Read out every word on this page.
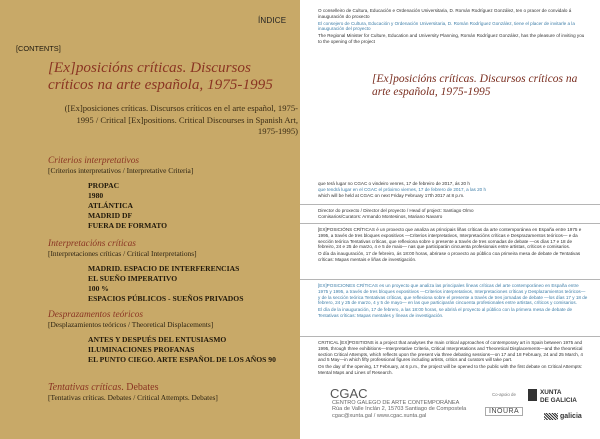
ÍNDICE
[CONTENTS]
[Ex]posicións críticas. Discursos críticos na arte española, 1975-1995
([Ex]posiciones críticas. Discursos críticos en el arte español, 1975-1995 / Critical [Ex]positions. Critical Discourses in Spanish Art, 1975-1995)
Criterios interpretativos
[Criterios interpretativos / Interpretative Criteria]
PROPAC
1980
ATLÁNTICA
MADRID DF
FUERA DE FORMATO
Interpretacións críticas
[Interpretaciones críticas / Critical Interpretations]
MADRID. ESPACIO DE INTERFERENCIAS
EL SUEÑO IMPERATIVO
100 %
ESPACIOS PÚBLICOS - SUEÑOS PRIVADOS
Desprazamentos teóricos
[Desplazamientos teóricos / Theoretical Displacements]
ANTES Y DESPUÉS DEL ENTUSIASMO
ILUMINACIONES PROFANAS
EL PUNTO CIEGO. ARTE ESPAÑOL DE LOS AÑOS 90
Tentativas críticas. Debates
[Tentativas críticas. Debates / Critical Attempts. Debates]
O conselleiro de Cultura, Educación e Ordenación Universitaria, D. Román Rodríguez González, ten o pracer de convidalo á inauguración do proxecto
El consejero de Cultura, Educación y Ordenación Universitaria, D. Román Rodríguez González, tiene el placer de invitarle a la inauguración del proyecto
The Regional Minister for Culture, Education and University Planning, Román Rodríguez González, has the pleasure of inviting you to the opening of the project
[Ex]posicións críticas. Discursos críticos na arte española, 1975-1995
que terá lugar no CGAC o vindeiro venres, 17 de febreiro de 2017, ás 20 h
que tendrá lugar en el CGAC el próximo viernes, 17 de febrero de 2017, a las 20 h
which will be held at CGAC on next Friday February 17th 2017 at 8 p.m.
Director do proxecto / Director del proyecto / Head of project: Santiago Olmo
Comisarios/Curators: Armando Montesinos, Mariano Navarro
[EX]POSICIÓNS CRÍTICAS é un proxecto que analiza as principais liñas críticas da arte contemporánea en España entre 1975 e 1995, a través de tres bloques expositivos —Criterios interpretativos, Interpretacións críticas e Desprazamentos teóricos— e da sección teórica Tentativas críticas, que reflexiona sobre o presente a través de tres xornadas de debate —os días 17 e 18 de febreiro, 24 e 25 de marzo, 4 e 5 de maio— nas que participarán cincuenta profesionais entre artistas, críticos e comisarios.
O día da inauguración, 17 de febreiro, ás 18:00 horas, abrirase o proxecto ao público coa primeira mesa de debate de Tentativas críticas: Mapas mentais e liñas de investigación.
[EX]POSICIONES CRÍTICAS es un proyecto que analiza las principales líneas críticas del arte contemporáneo en España entre 1975 y 1995, a través de tres bloques expositivos —Criterios interpretativos, Interpretaciones críticas y Desplazamientos teóricos— y de la sección teórica Tentativas críticas, que reflexiona sobre el presente a través de tres jornadas de debate —los días 17 y 18 de febrero, 24 y 25 de marzo, 4 y 5 de mayo— en las que participarán cincuenta profesionales entre artistas, críticos y comisarios.
El día de la inauguración, 17 de febrero, a las 18:00 horas, se abrirá el proyecto al público con la primera mesa de debate de Tentativas críticas: Mapas mentales y líneas de investigación.
CRITICAL [EX]POSITIONS is a project that analyses the main critical approaches of contemporary art in Spain between 1975 and 1995, through three exhibitions—Interpretative Criteria, Critical Interpretations and Theoretical Displacements—and the theoretical section Critical Attempts, which reflects upon the present via three debating sessions—on 17 and 18 February, 24 and 25 March, 4 and 5 May—in which fifty professional figures including artists, critics and curators will take part.
On the day of the opening, 17 February, at 6 p.m., the project will be opened to the public with the first debate on Critical Attempts: Mental Maps and Lines of Research.
CGAC
CENTRO GALEGO DE ARTE CONTEMPORÁNEA
Rúa de Valle Inclán 2, 15703 Santiago de Compostela
cgac@xunta.gal / www.cgac.xunta.gal
Co-apoio de
INOURA
XUNTA
DE GALICIA
galicia
